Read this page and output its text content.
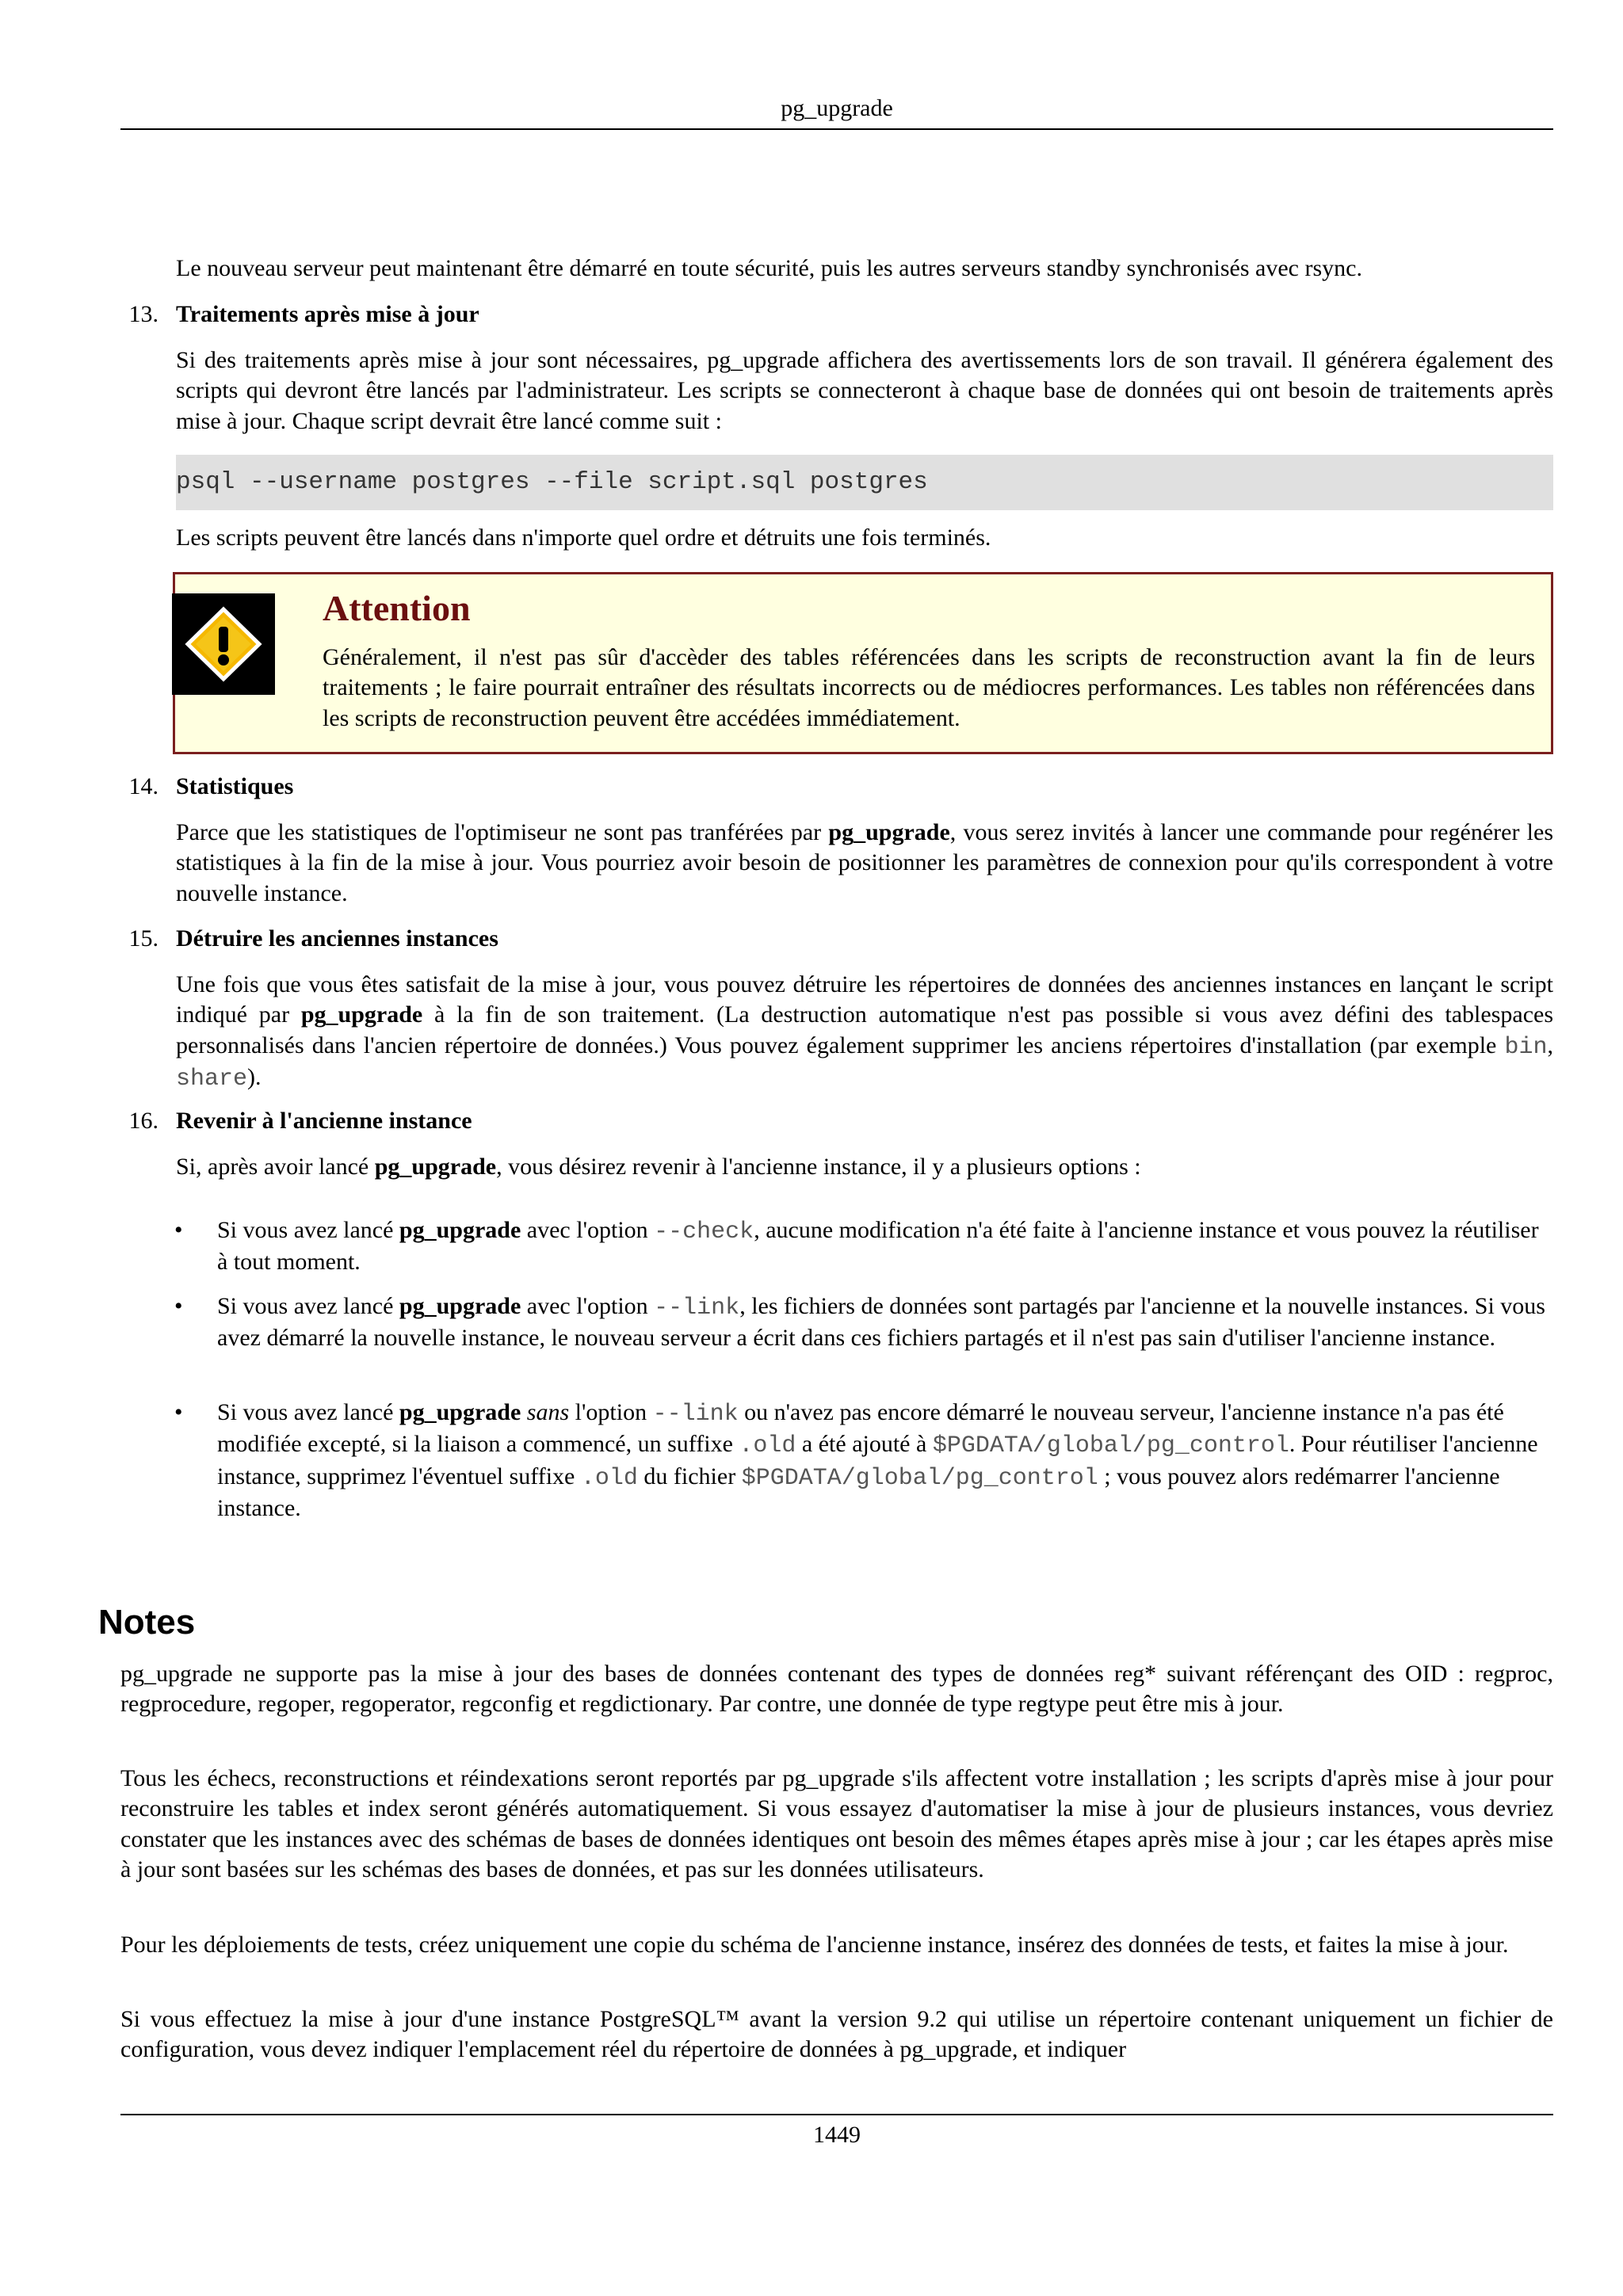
pg_upgrade

Le nouveau serveur peut maintenant être démarré en toute sécurité, puis les autres serveurs standby synchronisés avec rsync.

13. Traitements après mise à jour

Si des traitements après mise à jour sont nécessaires, pg_upgrade affichera des avertissements lors de son travail. Il générera également des scripts qui devront être lancés par l'administrateur. Les scripts se connecteront à chaque base de données qui ont besoin de traitements après mise à jour. Chaque script devrait être lancé comme suit :

psql --username postgres --file script.sql postgres

Les scripts peuvent être lancés dans n'importe quel ordre et détruits une fois terminés.

Attention

Généralement, il n'est pas sûr d'accèder des tables référencées dans les scripts de reconstruction avant la fin de leurs traitements ; le faire pourrait entraîner des résultats incorrects ou de médiocres performances. Les tables non référencées dans les scripts de reconstruction peuvent être accédées immédiatement.

14. Statistiques

Parce que les statistiques de l'optimiseur ne sont pas tranférées par pg_upgrade, vous serez invités à lancer une commande pour regénérer les statistiques à la fin de la mise à jour. Vous pourriez avoir besoin de positionner les paramètres de connexion pour qu'ils correspondent à votre nouvelle instance.

15. Détruire les anciennes instances

Une fois que vous êtes satisfait de la mise à jour, vous pouvez détruire les répertoires de données des anciennes instances en lançant le script indiqué par pg_upgrade à la fin de son traitement. (La destruction automatique n'est pas possible si vous avez défini des tablespaces personnalisés dans l'ancien répertoire de données.) Vous pouvez également supprimer les anciens répertoires d'installation (par exemple bin, share).

16. Revenir à l'ancienne instance

Si, après avoir lancé pg_upgrade, vous désirez revenir à l'ancienne instance, il y a plusieurs options :

• Si vous avez lancé pg_upgrade avec l'option --check, aucune modification n'a été faite à l'ancienne instance et vous pouvez la réutiliser à tout moment.

• Si vous avez lancé pg_upgrade avec l'option --link, les fichiers de données sont partagés par l'ancienne et la nouvelle instances. Si vous avez démarré la nouvelle instance, le nouveau serveur a écrit dans ces fichiers partagés et il n'est pas sain d'utiliser l'ancienne instance.

• Si vous avez lancé pg_upgrade sans l'option --link ou n'avez pas encore démarré le nouveau serveur, l'ancienne instance n'a pas été modifiée excepté, si la liaison a commencé, un suffixe .old a été ajouté à $PGDATA/global/pg_control. Pour réutiliser l'ancienne instance, supprimez l'éventuel suffixe .old du fichier $PGDATA/global/pg_control ; vous pouvez alors redémarrer l'ancienne instance.

Notes

pg_upgrade ne supporte pas la mise à jour des bases de données contenant des types de données reg* suivant référençant des OID : regproc, regprocedure, regoper, regoperator, regconfig et regdictionary. Par contre, une donnée de type regtype peut être mis à jour.

Tous les échecs, reconstructions et réindexations seront reportés par pg_upgrade s'ils affectent votre installation ; les scripts d'après mise à jour pour reconstruire les tables et index seront générés automatiquement. Si vous essayez d'automatiser la mise à jour de plusieurs instances, vous devriez constater que les instances avec des schémas de bases de données identiques ont besoin des mêmes étapes après mise à jour ; car les étapes après mise à jour sont basées sur les schémas des bases de données, et pas sur les données utilisateurs.

Pour les déploiements de tests, créez uniquement une copie du schéma de l'ancienne instance, insérez des données de tests, et faites la mise à jour.

Si vous effectuez la mise à jour d'une instance PostgreSQL™ avant la version 9.2 qui utilise un répertoire contenant uniquement un fichier de configuration, vous devez indiquer l'emplacement réel du répertoire de données à pg_upgrade, et indiquer

1449
